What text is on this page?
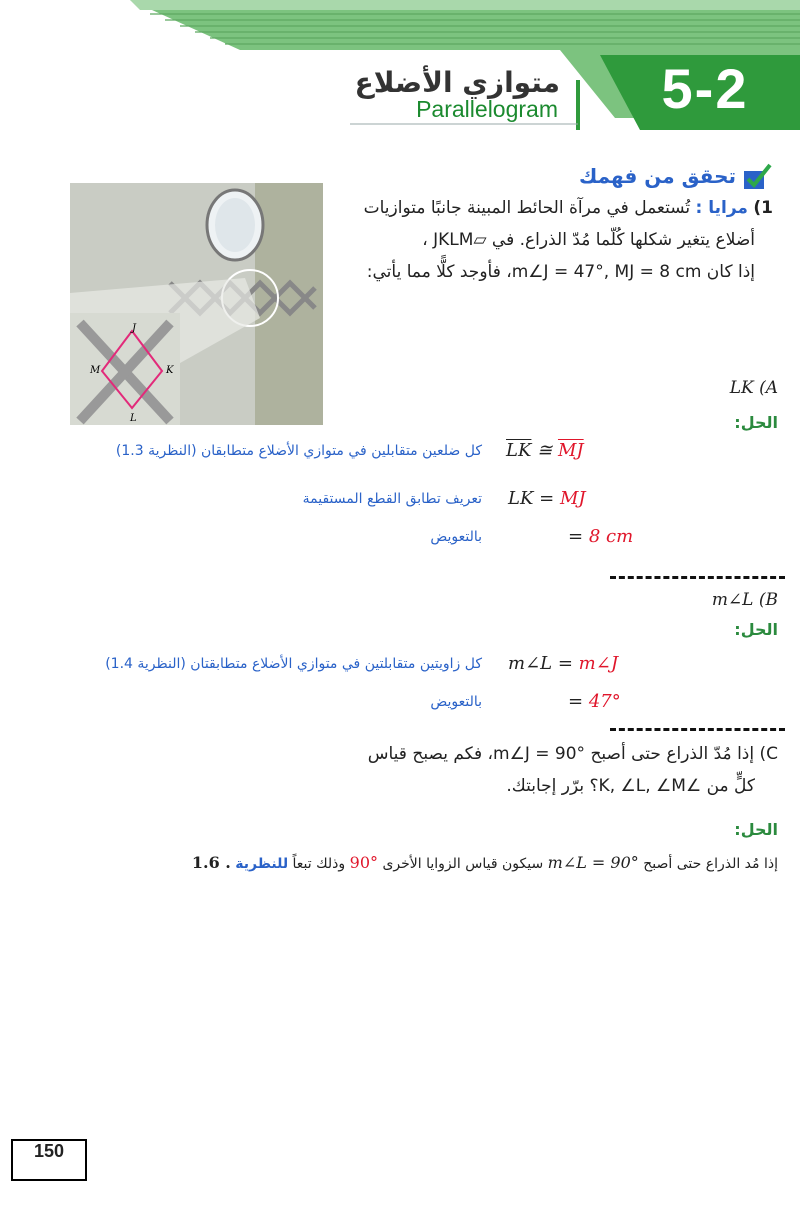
5-2
متوازي الأضلاع
Parallelogram
تحقق من فهمك
J
K
L
M
1) مرايا : تُستعمل في مرآة الحائط المبينة جانبًا متوازيات
أضلاع يتغير شكلها كُلّما مُدّ الذراع. في ▱JKLM ،
إذا كان m∠J = 47°, MJ = 8 cm، فأوجد كلًّا مما يأتي:
LK (A
الحل:
$\overline{LK}$ ≅ $\overline{MJ}$
كل ضلعين متقابلين في متوازي الأضلاع متطابقان (النظرية 1.3)
LK = MJ
تعريف تطابق القطع المستقيمة
= 8 cm
بالتعويض
m∠L (B
الحل:
m∠L = m∠J
كل زاويتين متقابلتين في متوازي الأضلاع متطابقتان (النظرية 1.4)
= 47°
بالتعويض
C) إذا مُدّ الذراع حتى أصبح m∠J = 90°، فكم يصبح قياس
كلٍّ من ∠K, ∠L, ∠M؟ برّر إجابتك.
الحل:
إذا مُد الذراع حتى أصبح m∠L = 90° سيكون قياس الزوايا الأخرى 90° وذلك تبعاً للنظرية 1.6 .
150
